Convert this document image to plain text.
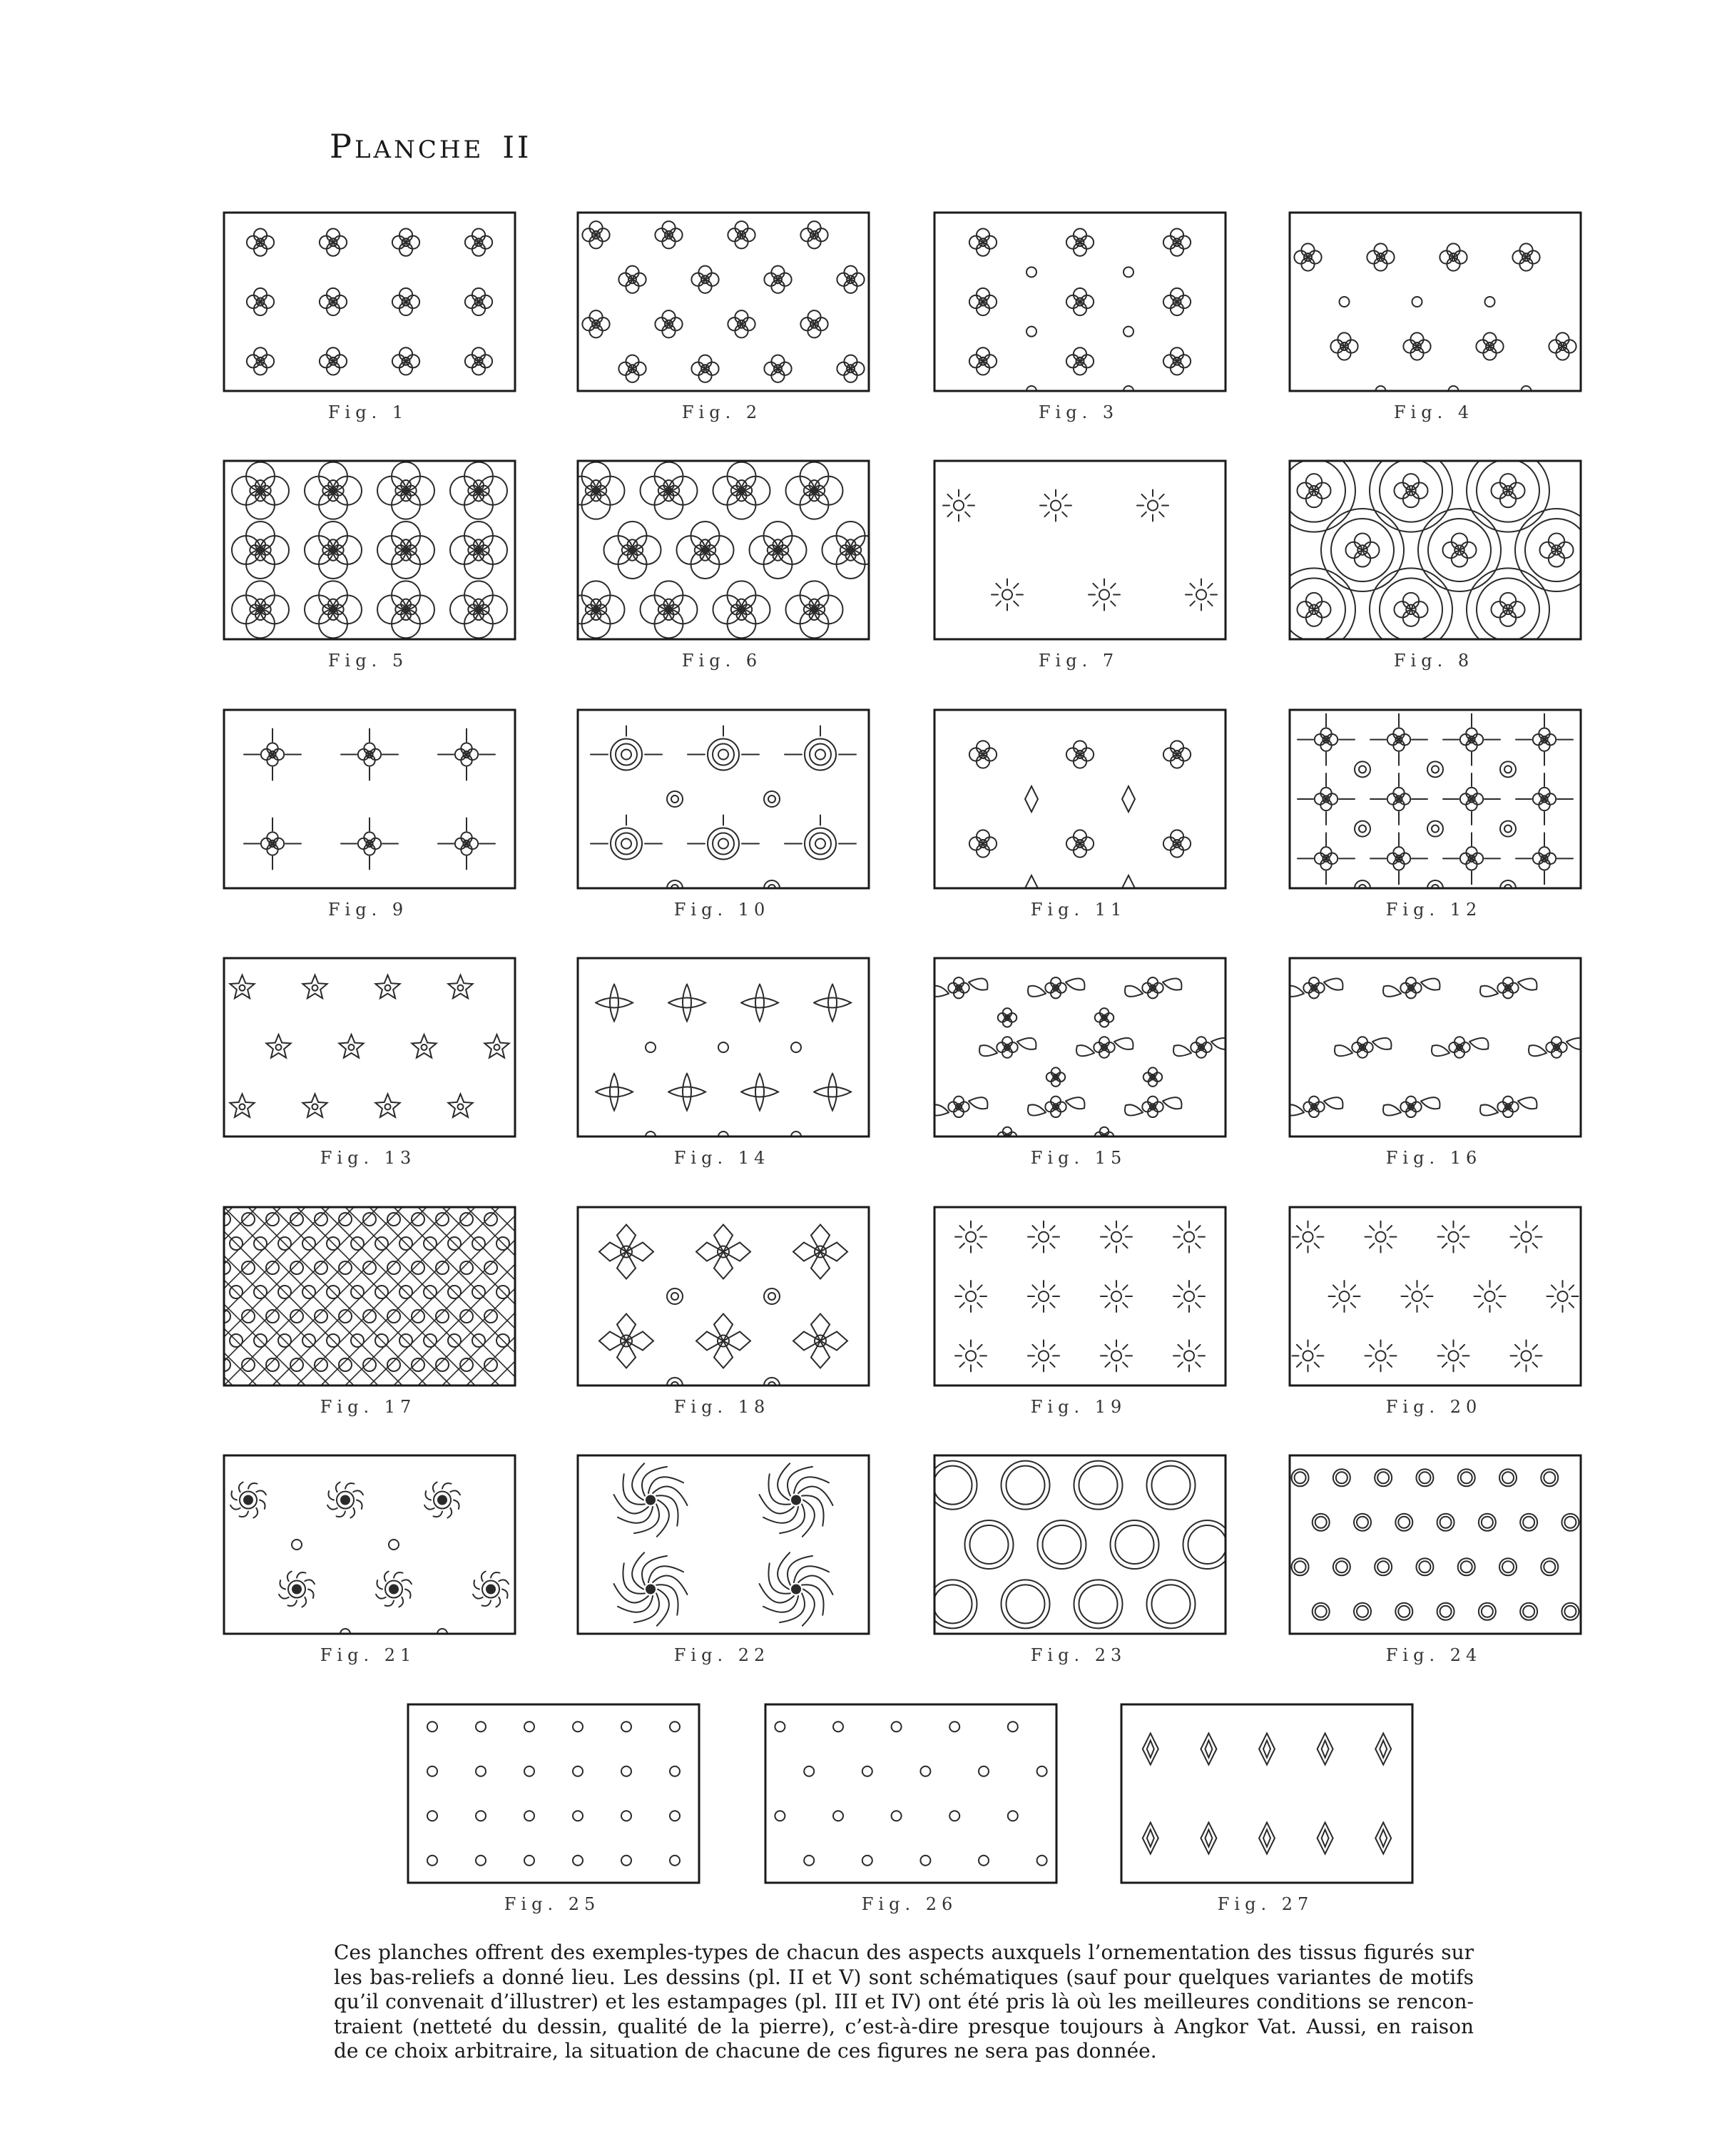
PLANCHE II
Fig. 1	Fig. 2	Fig. 3	Fig. 4
Fig. 5	Fig. 6	Fig. 7	Fig. 8
Fig. 9	Fig. 10	Fig. 11	Fig. 12
Fig. 13	Fig. 14	Fig. 15	Fig. 16
Fig. 17	Fig. 18	Fig. 19	Fig. 20
Fig. 21	Fig. 22	Fig. 23	Fig. 24
Fig. 25	Fig. 26	Fig. 27
Ces planches offrent des exemples-types de chacun des aspects auxquels l’ornementation des tissus figurés sur
les bas-reliefs a donné lieu. Les dessins (pl. II et V) sont schématiques (sauf pour quelques variantes de motifs
qu’il convenait d’illustrer) et les estampages (pl. III et IV) ont été pris là où les meilleures conditions se rencon-
traient (netteté du dessin, qualité de la pierre), c’est-à-dire presque toujours à Angkor Vat. Aussi, en raison
de ce choix arbitraire, la situation de chacune de ces figures ne sera pas donnée.
